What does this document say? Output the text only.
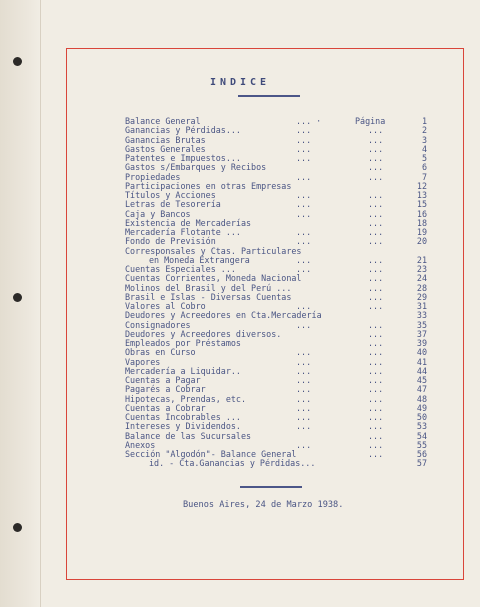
INDICE
Balance General	... ·	Página	1
Ganancias y Pérdidas...	...	...	2
Ganancias Brutas	...	...	3
Gastos Generales	...	...	4
Patentes e Impuestos...	...	...	5
Gastos s/Embarques y Recibos	...	6
Propiedades	...	...	7
Participaciones en otras Empresas	12
Títulos y Acciones	...	...	13
Letras de Tesorería	...	...	15
Caja y Bancos	...	...	16
Existencia de Mercaderías	...	18
Mercadería Flotante ...	...	...	19
Fondo de Previsión	...	...	20
Corresponsales y Ctas. Particulares
en Moneda Extrangera	...	...	21
Cuentas Especiales ...	...	...	23
Cuentas Corrientes, Moneda Nacional	...	24
Molinos del Brasil y del Perú ...	...	28
Brasil e Islas - Diversas Cuentas	...	29
Valores al Cobro	...	...	31
Deudores y Acreedores en Cta.Mercadería	33
Consignadores	...	...	35
Deudores y Acreedores diversos.	...	37
Empleados por Préstamos	...	39
Obras en Curso	...	...	40
Vapores	...	...	41
Mercadería a Liquidar..	...	...	44
Cuentas a Pagar	...	...	45
Pagarés a Cobrar	...	...	47
Hipotecas, Prendas, etc.	...	...	48
Cuentas a Cobrar	...	...	49
Cuentas Incobrables ...	...	...	50
Intereses y Dividendos.	...	...	53
Balance de las Sucursales	...	54
Anexos	...	...	55
Sección "Algodón"- Balance General	...	56
id. - Cta.Ganancias y Pérdidas...	57
Buenos Aires, 24 de Marzo 1938.
